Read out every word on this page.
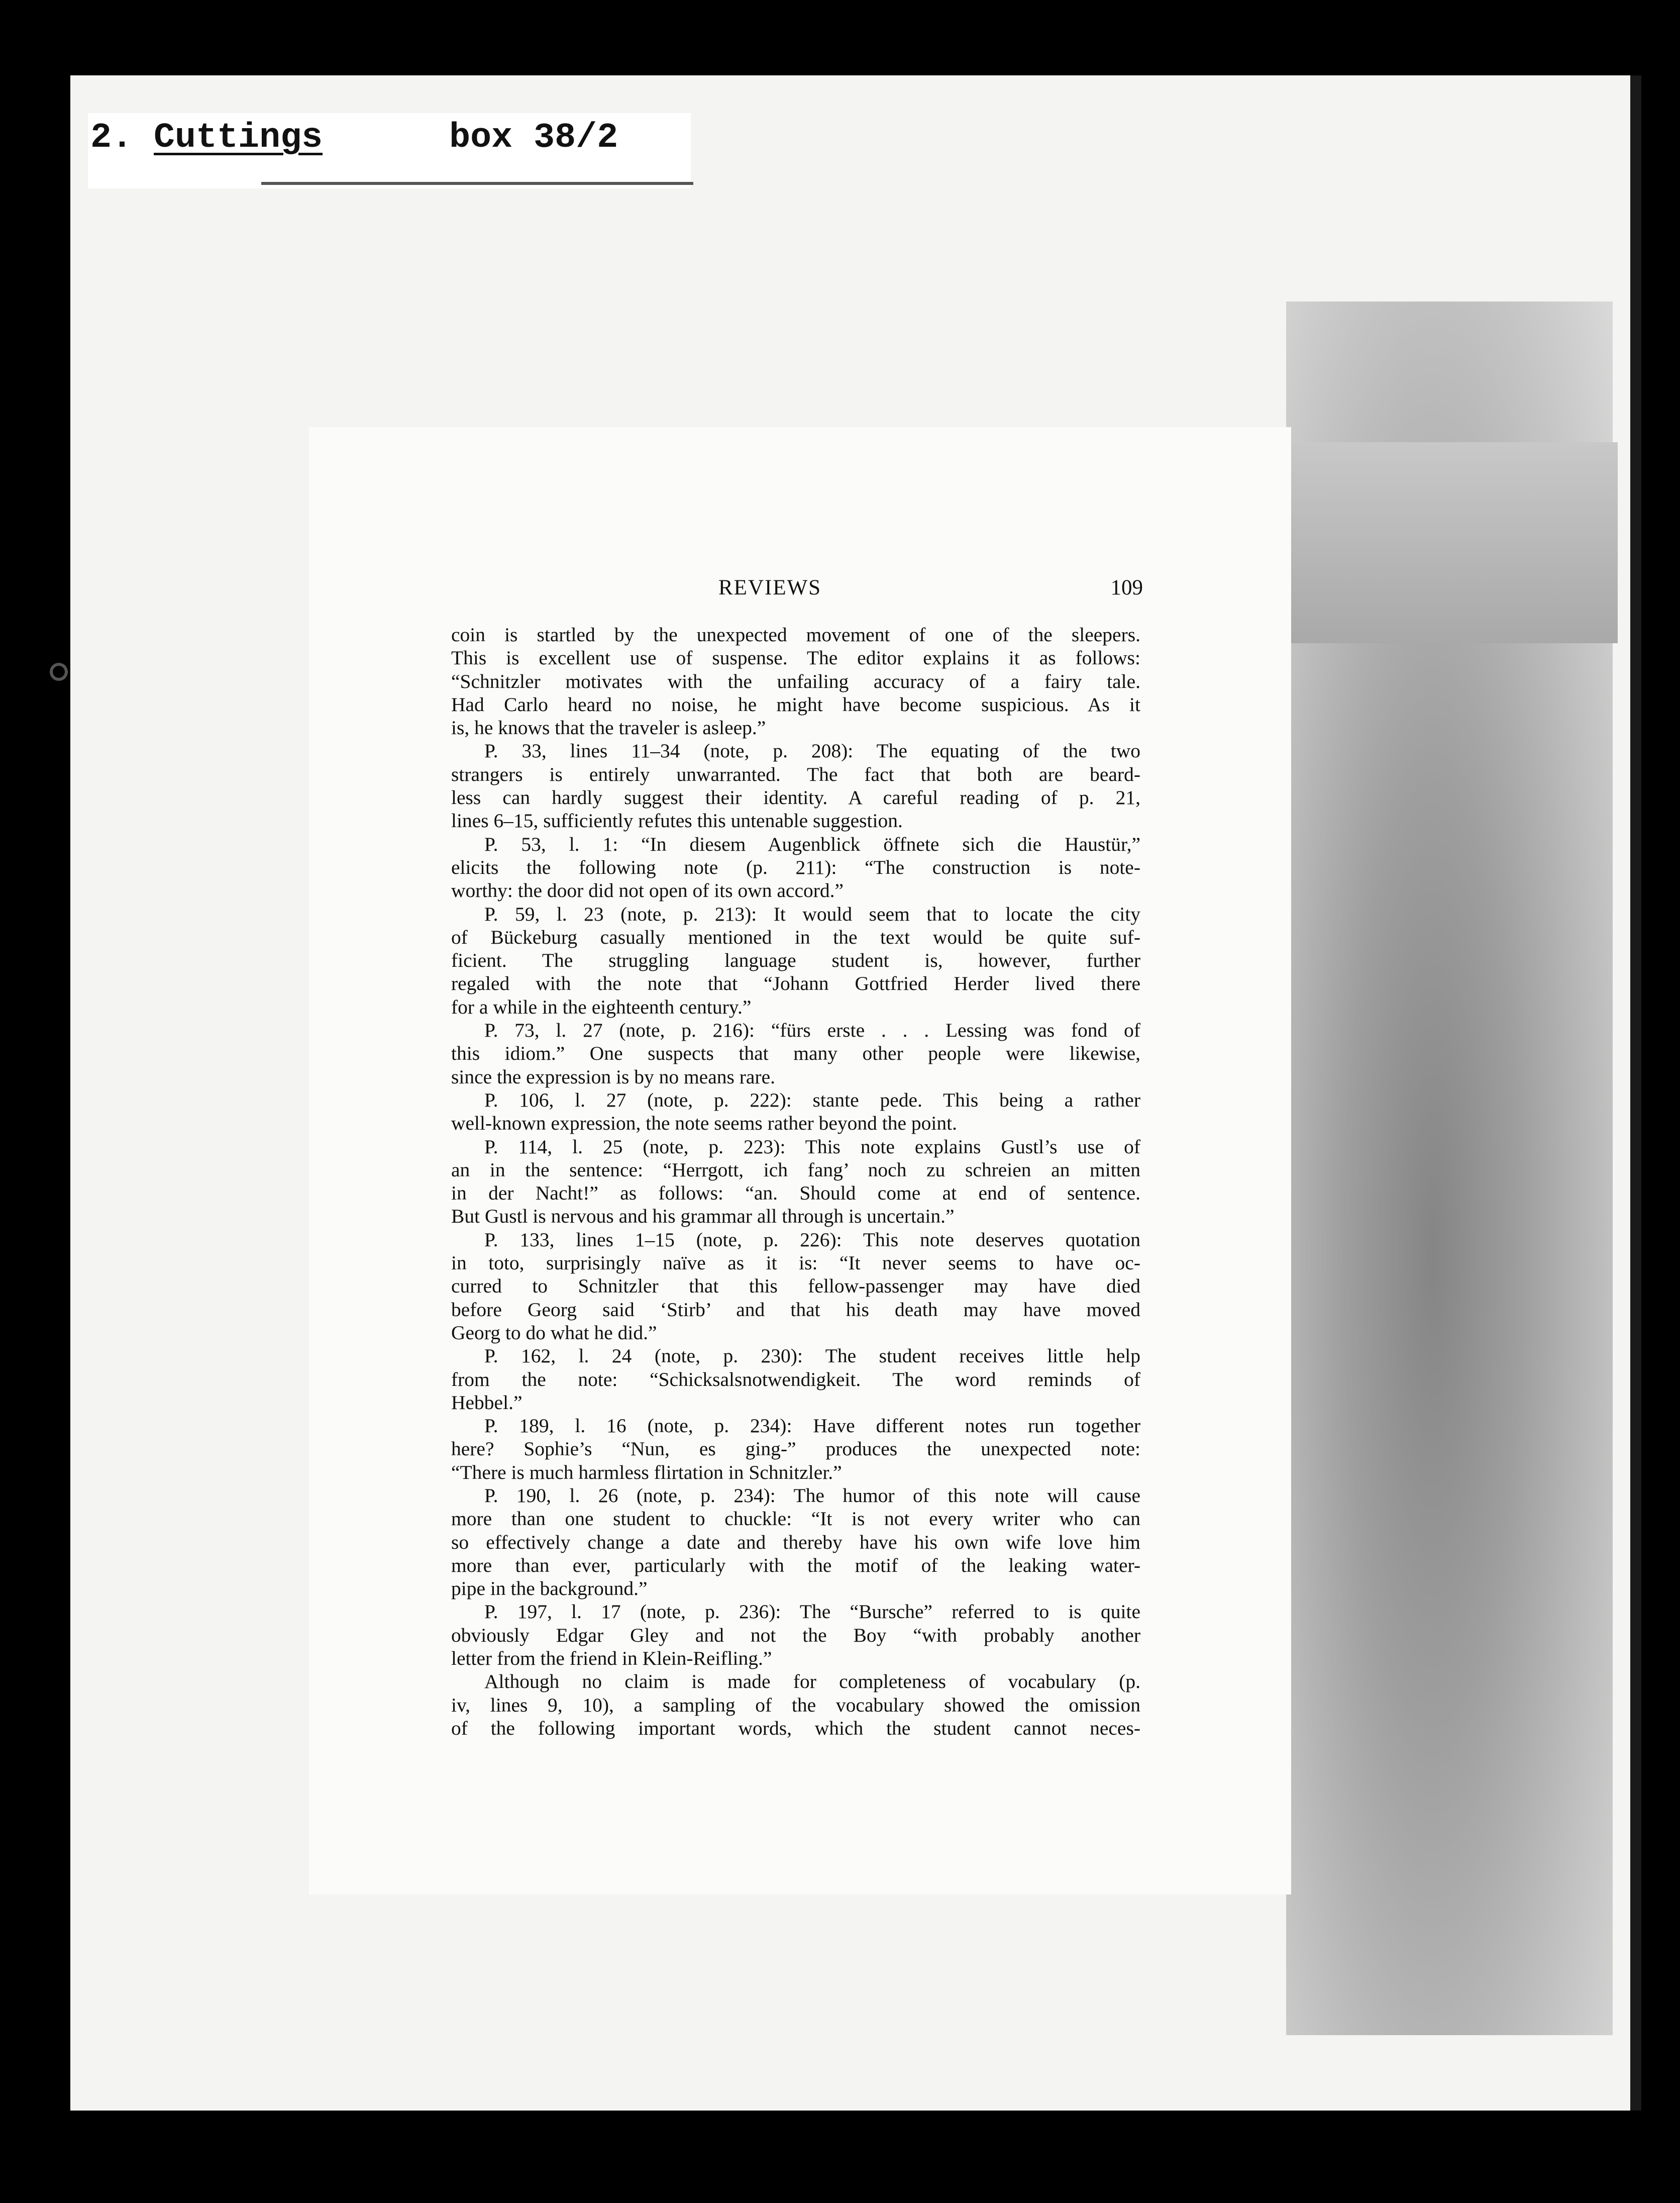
2. Cuttings	box 38/2
REVIEWS	109
coin is startled by the unexpected movement of one of the sleepers.
This is excellent use of suspense. The editor explains it as follows:
“Schnitzler motivates with the unfailing accuracy of a fairy tale.
Had Carlo heard no noise, he might have become suspicious. As it
is, he knows that the traveler is asleep.”
P. 33, lines 11–34 (note, p. 208): The equating of the two
strangers is entirely unwarranted. The fact that both are beard-
less can hardly suggest their identity. A careful reading of p. 21,
lines 6–15, sufficiently refutes this untenable suggestion.
P. 53, l. 1: “In diesem Augenblick öffnete sich die Haustür,”
elicits the following note (p. 211): “The construction is note-
worthy: the door did not open of its own accord.”
P. 59, l. 23 (note, p. 213): It would seem that to locate the city
of Bückeburg casually mentioned in the text would be quite suf-
ficient. The struggling language student is, however, further
regaled with the note that “Johann Gottfried Herder lived there
for a while in the eighteenth century.”
P. 73, l. 27 (note, p. 216): “fürs erste . . . Lessing was fond of
this idiom.” One suspects that many other people were likewise,
since the expression is by no means rare.
P. 106, l. 27 (note, p. 222): stante pede. This being a rather
well-known expression, the note seems rather beyond the point.
P. 114, l. 25 (note, p. 223): This note explains Gustl’s use of
an in the sentence: “Herrgott, ich fang’ noch zu schreien an mitten
in der Nacht!” as follows: “an. Should come at end of sentence.
But Gustl is nervous and his grammar all through is uncertain.”
P. 133, lines 1–15 (note, p. 226): This note deserves quotation
in toto, surprisingly naïve as it is: “It never seems to have oc-
curred to Schnitzler that this fellow-passenger may have died
before Georg said ‘Stirb’ and that his death may have moved
Georg to do what he did.”
P. 162, l. 24 (note, p. 230): The student receives little help
from the note: “Schicksalsnotwendigkeit. The word reminds of
Hebbel.”
P. 189, l. 16 (note, p. 234): Have different notes run together
here? Sophie’s “Nun, es ging-” produces the unexpected note:
“There is much harmless flirtation in Schnitzler.”
P. 190, l. 26 (note, p. 234): The humor of this note will cause
more than one student to chuckle: “It is not every writer who can
so effectively change a date and thereby have his own wife love him
more than ever, particularly with the motif of the leaking water-
pipe in the background.”
P. 197, l. 17 (note, p. 236): The “Bursche” referred to is quite
obviously Edgar Gley and not the Boy “with probably another
letter from the friend in Klein-Reifling.”
Although no claim is made for completeness of vocabulary (p.
iv, lines 9, 10), a sampling of the vocabulary showed the omission
of the following important words, which the student cannot neces-
